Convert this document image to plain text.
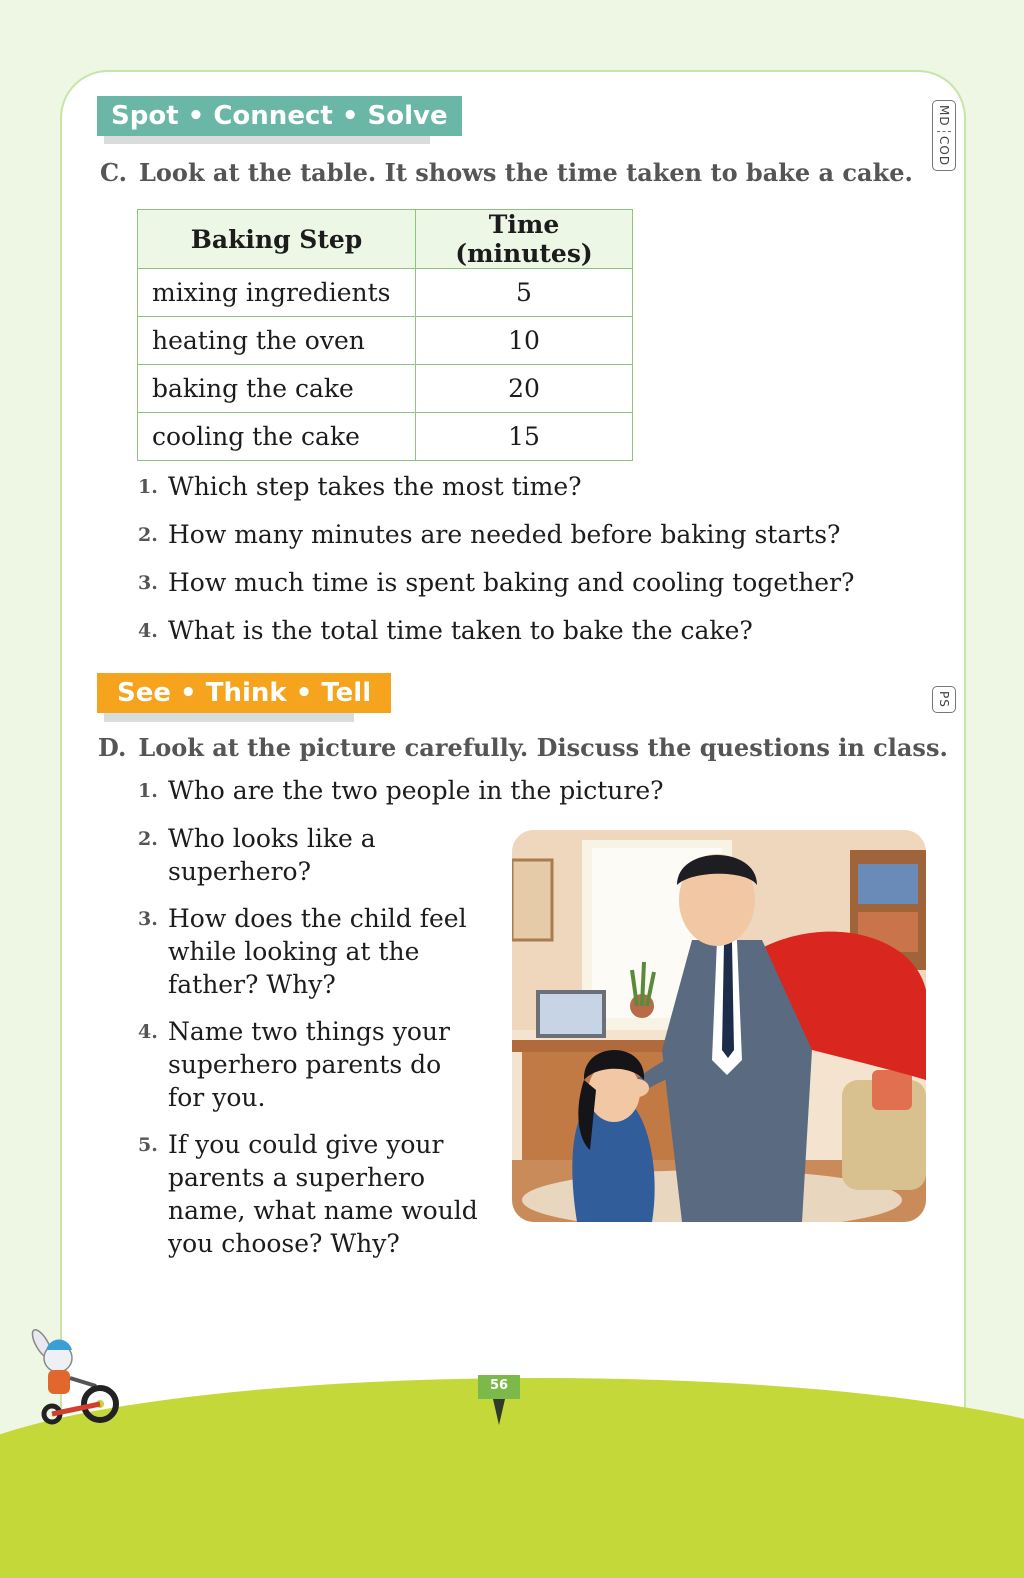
Spot • Connect • Solve	MD
COD
PS
C. Look at the table. It shows the time taken to bake a cake.
Baking Step	Time (minutes)
mixing ingredients	5
heating the oven	10
baking the cake	20
cooling the cake	15
1. Which step takes the most time?
2. How many minutes are needed before baking starts?
3. How much time is spent baking and cooling together?
4. What is the total time taken to bake the cake?
See • Think • Tell
D. Look at the picture carefully. Discuss the questions in class.
1. Who are the two people in the picture?
2. Who looks like a superhero?
3. How does the child feel while looking at the father? Why?
4. Name two things your superhero parents do for you.
5. If you could give your parents a superhero name, what name would you choose? Why?
56
